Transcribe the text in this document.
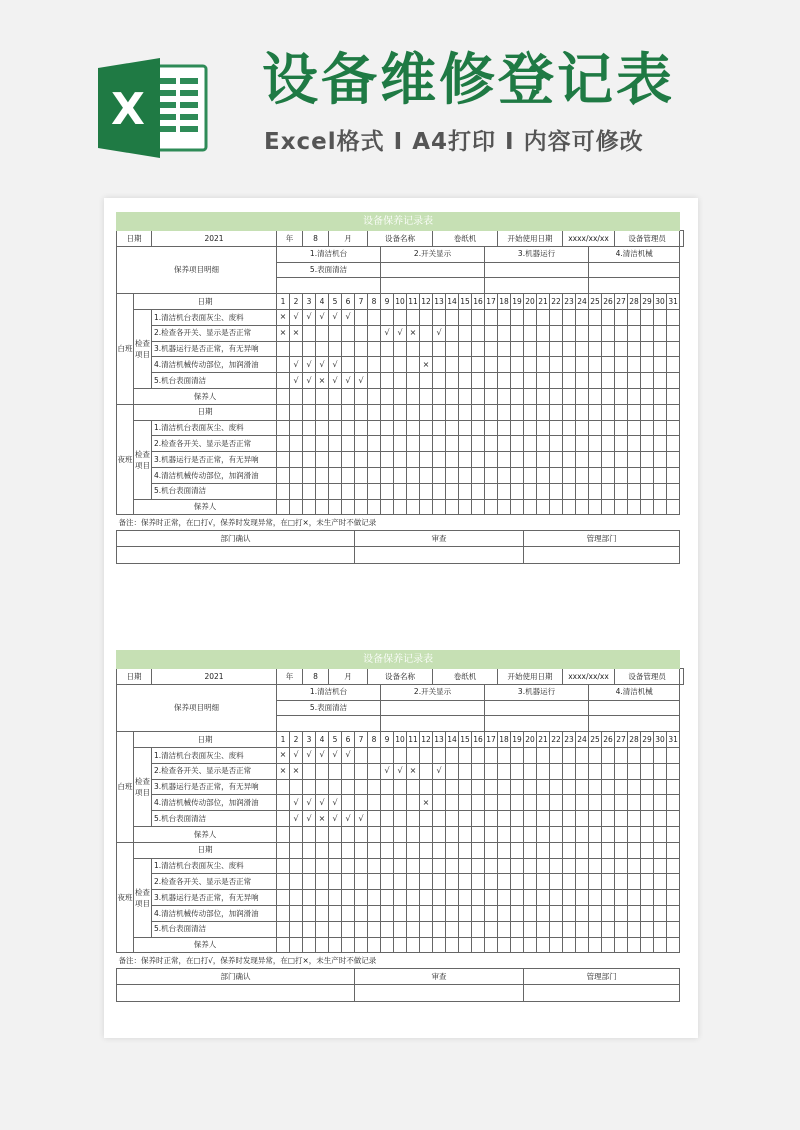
X 设备维修登记表
Excel格式 I A4打印 I 内容可修改
设备保养记录表																																		
日期		2021	年		8		月			设备名称					卷纸机					开始使用日期					xxxx/xx/xx				设备管理员					
保养项目明细			1.清洁机台								2.开关显示								3.机器运行								4.清洁机械							
			5.表面清洁																															

白班	日期		1	2	3	4	5	6	7	8	9	10	11	12	13	14	15	16	17	18	19	20	21	22	23	24	25	26	27	28	29	30	31	
	检查项目	1.清洁机台表面灰尘、废料	×	√	√	√	√	√																										
		2.检查各开关、显示是否正常	×	×							√	√	×		√																			
		3.机器运行是否正常，有无异响																																
		4.清洁机械传动部位，加润滑油		√	√	√	√							×																				
		5.机台表面清洁		√	√	×	√	√	√																									
	保养人																																	
夜班	日期																																	
	检查项目	1.清洁机台表面灰尘、废料																																
		2.检查各开关、显示是否正常																																
		3.机器运行是否正常，有无异响																																
		4.清洁机械传动部位，加润滑油																																
		5.机台表面清洁																																
	保养人																																	
备注：保养时正常，在□打√，保养时发现异常，在□打×，未生产时不做记录																																		
部门确认									审查													管理部门												

设备保养记录表																																		
日期		2021	年		8		月			设备名称					卷纸机					开始使用日期					xxxx/xx/xx				设备管理员					
保养项目明细			1.清洁机台								2.开关显示								3.机器运行								4.清洁机械							
			5.表面清洁																															

白班	日期		1	2	3	4	5	6	7	8	9	10	11	12	13	14	15	16	17	18	19	20	21	22	23	24	25	26	27	28	29	30	31	
	检查项目	1.清洁机台表面灰尘、废料	×	√	√	√	√	√																										
		2.检查各开关、显示是否正常	×	×							√	√	×		√																			
		3.机器运行是否正常，有无异响																																
		4.清洁机械传动部位，加润滑油		√	√	√	√							×																				
		5.机台表面清洁		√	√	×	√	√	√																									
	保养人																																	
夜班	日期																																	
	检查项目	1.清洁机台表面灰尘、废料																																
		2.检查各开关、显示是否正常																																
		3.机器运行是否正常，有无异响																																
		4.清洁机械传动部位，加润滑油																																
		5.机台表面清洁																																
	保养人																																	
备注：保养时正常，在□打√，保养时发现异常，在□打×，未生产时不做记录																																		
部门确认									审查													管理部门												
